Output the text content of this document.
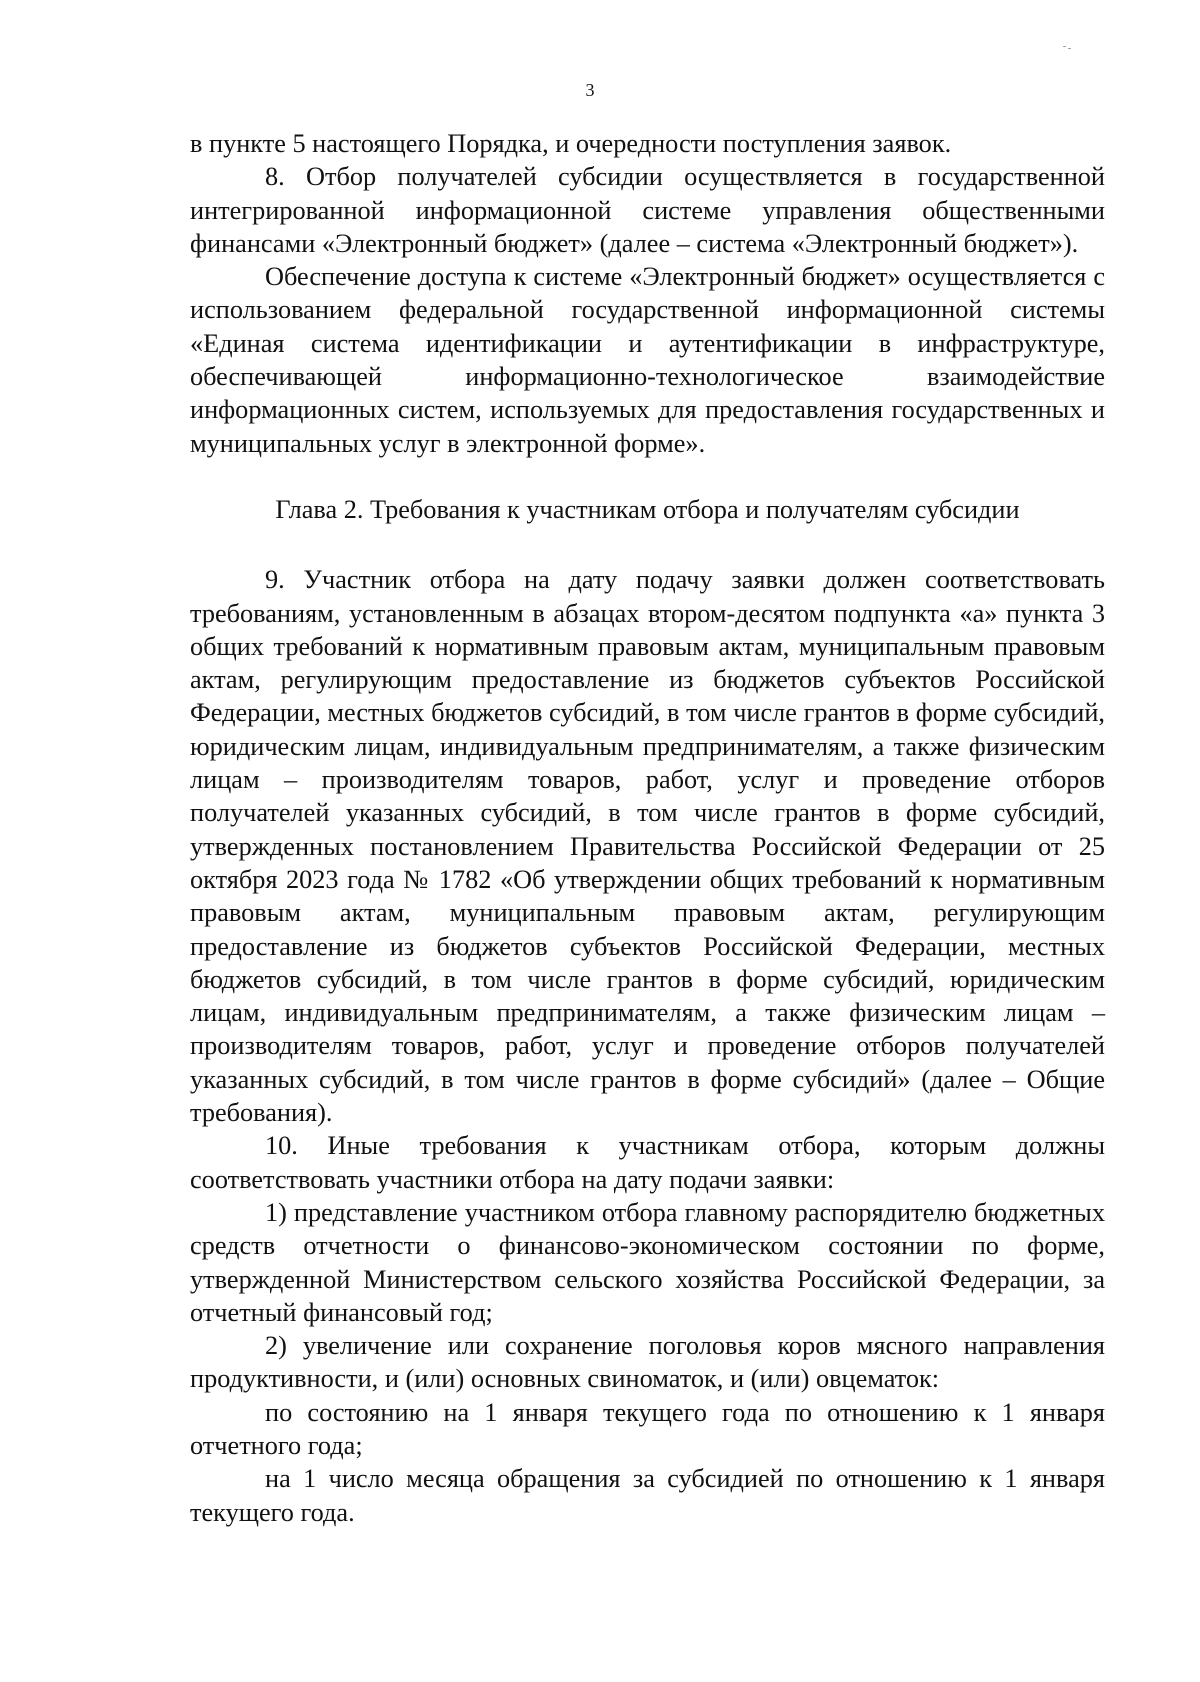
3

в пункте 5 настоящего Порядка, и очередности поступления заявок.

8. Отбор получателей субсидии осуществляется в государственной интегрированной информационной системе управления общественными финансами «Электронный бюджет» (далее – система «Электронный бюджет»).

Обеспечение доступа к системе «Электронный бюджет» осуществляется с использованием федеральной государственной информационной системы «Единая система идентификации и аутентификации в инфраструктуре, обеспечивающей информационно-технологическое взаимодействие информационных систем, используемых для предоставления государственных и муниципальных услуг в электронной форме».

Глава 2. Требования к участникам отбора и получателям субсидии

9. Участник отбора на дату подачу заявки должен соответствовать требованиям, установленным в абзацах втором-десятом подпункта «а» пункта 3 общих требований к нормативным правовым актам, муниципальным правовым актам, регулирующим предоставление из бюджетов субъектов Российской Федерации, местных бюджетов субсидий, в том числе грантов в форме субсидий, юридическим лицам, индивидуальным предпринимателям, а также физическим лицам – производителям товаров, работ, услуг и проведение отборов получателей указанных субсидий, в том числе грантов в форме субсидий, утвержденных постановлением Правительства Российской Федерации от 25 октября 2023 года № 1782 «Об утверждении общих требований к нормативным правовым актам, муниципальным правовым актам, регулирующим предоставление из бюджетов субъектов Российской Федерации, местных бюджетов субсидий, в том числе грантов в форме субсидий, юридическим лицам, индивидуальным предпринимателям, а также физическим лицам – производителям товаров, работ, услуг и проведение отборов получателей указанных субсидий, в том числе грантов в форме субсидий» (далее – Общие требования).

10. Иные требования к участникам отбора, которым должны соответствовать участники отбора на дату подачи заявки:

1) представление участником отбора главному распорядителю бюджетных средств отчетности о финансово-экономическом состоянии по форме, утвержденной Министерством сельского хозяйства Российской Федерации, за отчетный финансовый год;

2) увеличение или сохранение поголовья коров мясного направления продуктивности, и (или) основных свиноматок, и (или) овцематок:

по состоянию на 1 января текущего года по отношению к 1 января отчетного года;

на 1 число месяца обращения за субсидией по отношению к 1 января текущего года.
